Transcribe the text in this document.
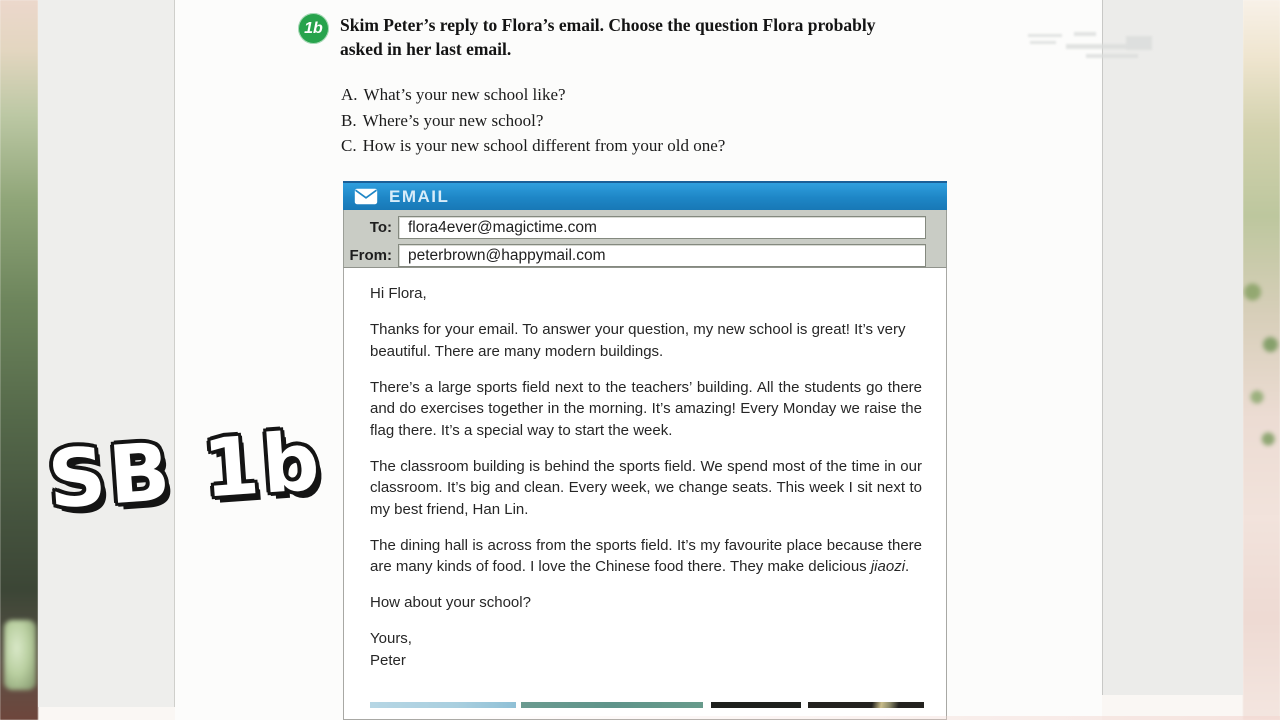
1b Skim Peter’s reply to Flora’s email. Choose the question Flora probably
asked in her last email.
A. What’s your new school like?
B. Where’s your new school?
C. How is your new school different from your old one?
EMAIL
To:
flora4ever@magictime.com
From:
peterbrown@happymail.com

Hi Flora,

Thanks for your email. To answer your question, my new school is great! It’s very beautiful. There are many modern buildings.

There’s a large sports field next to the teachers’ building. All the students go there and do exercises together in the morning. It’s amazing! Every Monday we raise the flag there. It’s a special way to start the week.

The classroom building is behind the sports field. We spend most of the time in our classroom. It’s big and clean. Every week, we change seats. This week I sit next to my best friend, Han Lin.

The dining hall is across from the sports field. It’s my favourite place because there are many kinds of food. I love the Chinese food there. They make delicious jiaozi.

How about your school?

Yours,
Peter

SB 1b
